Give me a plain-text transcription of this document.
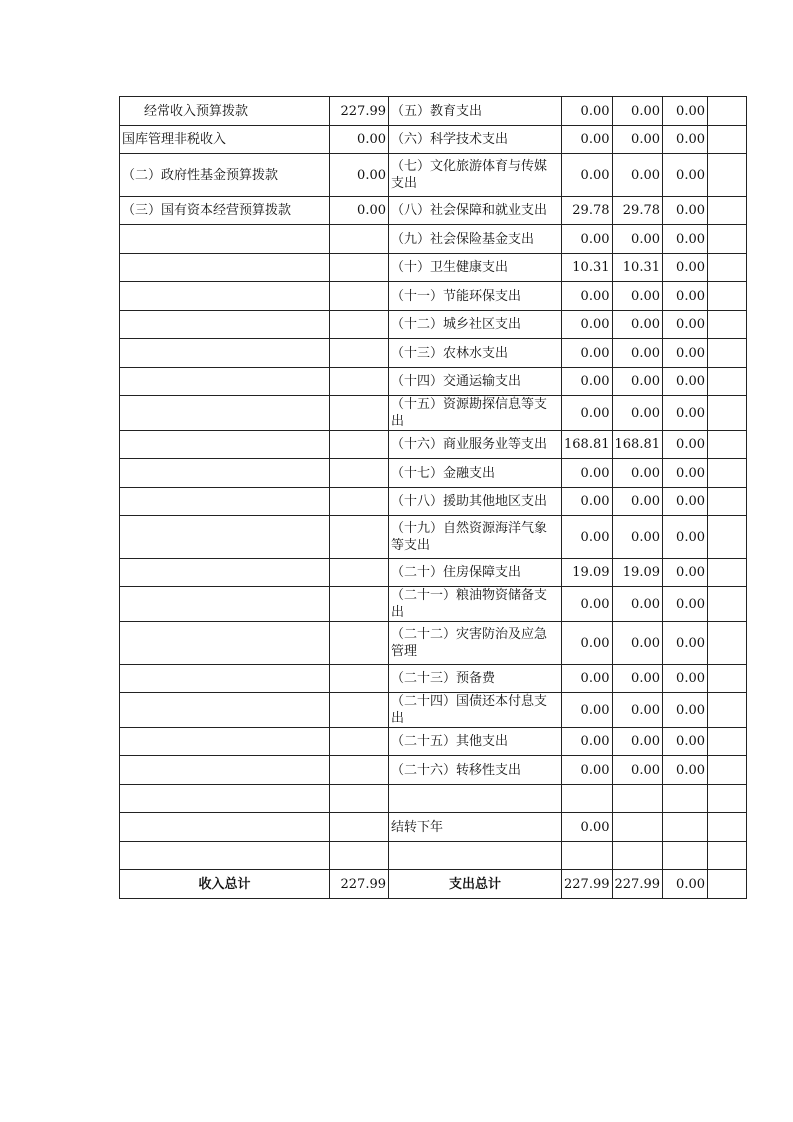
经常收入预算拨款	227.99	（五）教育支出	0.00	0.00	0.00	
国库管理非税收入	0.00	（六）科学技术支出	0.00	0.00	0.00	
（二）政府性基金预算拨款	0.00	（七）文化旅游体育与传媒支出	0.00	0.00	0.00	
（三）国有资本经营预算拨款	0.00	（八）社会保障和就业支出	29.78	29.78	0.00	
		（九）社会保险基金支出	0.00	0.00	0.00	
		（十）卫生健康支出	10.31	10.31	0.00	
		（十一）节能环保支出	0.00	0.00	0.00	
		（十二）城乡社区支出	0.00	0.00	0.00	
		（十三）农林水支出	0.00	0.00	0.00	
		（十四）交通运输支出	0.00	0.00	0.00	
		（十五）资源勘探信息等支出	0.00	0.00	0.00	
		（十六）商业服务业等支出	168.81	168.81	0.00	
		（十七）金融支出	0.00	0.00	0.00	
		（十八）援助其他地区支出	0.00	0.00	0.00	
		（十九）自然资源海洋气象等支出	0.00	0.00	0.00	
		（二十）住房保障支出	19.09	19.09	0.00	
		（二十一）粮油物资储备支出	0.00	0.00	0.00	
		（二十二）灾害防治及应急管理	0.00	0.00	0.00	
		（二十三）预备费	0.00	0.00	0.00	
		（二十四）国债还本付息支出	0.00	0.00	0.00	
		（二十五）其他支出	0.00	0.00	0.00	
		（二十六）转移性支出	0.00	0.00	0.00	

		结转下年	0.00			

收入总计	227.99	支出总计	227.99	227.99	0.00	
